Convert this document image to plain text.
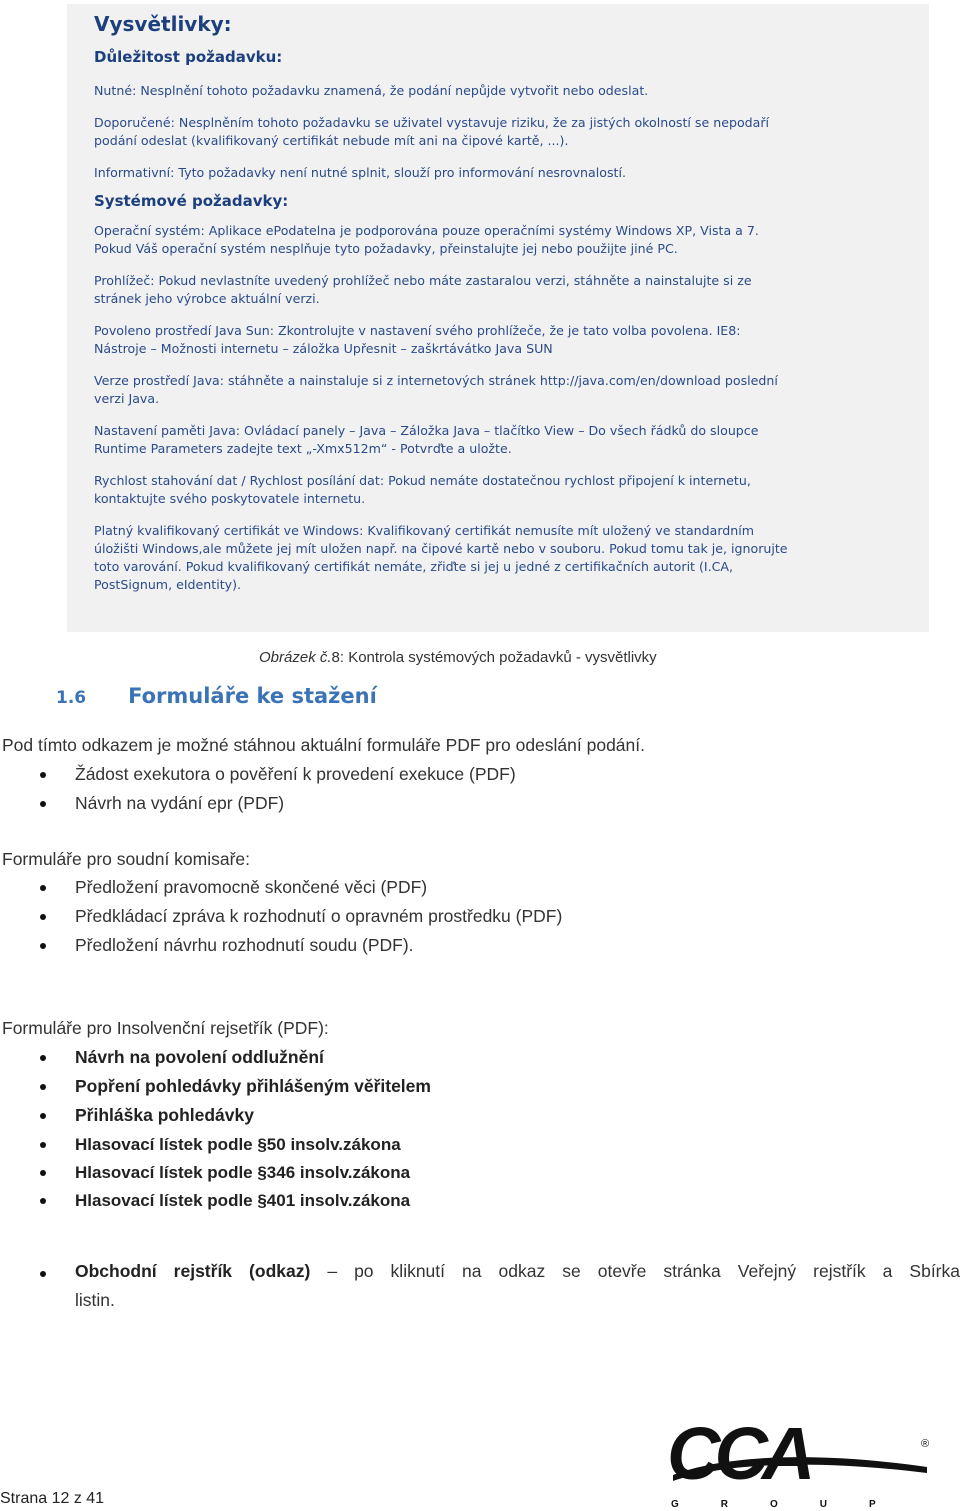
Vysvětlivky:
Důležitost požadavku:

Nutné: Nesplnění tohoto požadavku znamená, že podání nepůjde vytvořit nebo odeslat.

Doporučené: Nesplněním tohoto požadavku se uživatel vystavuje riziku, že za jistých okolností se nepodaří
podání odeslat (kvalifikovaný certifikát nebude mít ani na čipové kartě, ...).

Informativní: Tyto požadavky není nutné splnit, slouží pro informování nesrovnalostí.

Systémové požadavky:

Operační systém: Aplikace ePodatelna je podporována pouze operačními systémy Windows XP, Vista a 7.
Pokud Váš operační systém nesplňuje tyto požadavky, přeinstalujte jej nebo použijte jiné PC.

Prohlížeč: Pokud nevlastníte uvedený prohlížeč nebo máte zastaralou verzi, stáhněte a nainstalujte si ze
stránek jeho výrobce aktuální verzi.

Povoleno prostředí Java Sun: Zkontrolujte v nastavení svého prohlížeče, že je tato volba povolena. IE8:
Nástroje – Možnosti internetu – záložka Upřesnit – zaškrtávátko Java SUN

Verze prostředí Java: stáhněte a nainstaluje si z internetových stránek http://java.com/en/download poslední
verzi Java.

Nastavení paměti Java: Ovládací panely – Java – Záložka Java – tlačítko View – Do všech řádků do sloupce
Runtime Parameters zadejte text „-Xmx512m“ - Potvrďte a uložte.

Rychlost stahování dat / Rychlost posílání dat: Pokud nemáte dostatečnou rychlost připojení k internetu,
kontaktujte svého poskytovatele internetu.

Platný kvalifikovaný certifikát ve Windows: Kvalifikovaný certifikát nemusíte mít uložený ve standardním
úložišti Windows,ale můžete jej mít uložen např. na čipové kartě nebo v souboru. Pokud tomu tak je, ignorujte
toto varování. Pokud kvalifikovaný certifikát nemáte, zřiďte si jej u jedné z certifikačních autorit (I.CA,
PostSignum, eIdentity).

Obrázek č.8: Kontrola systémových požadavků - vysvětlivky
1.6 Formuláře ke stažení
Pod tímto odkazem je možné stáhnou aktuální formuláře PDF pro odeslání podání.
Žádost exekutora o pověření k provedení exekuce (PDF)
Návrh na vydání epr (PDF)
Formuláře pro soudní komisaře:
Předložení pravomocně skončené věci (PDF)
Předkládací zpráva k rozhodnutí o opravném prostředku (PDF)
Předložení návrhu rozhodnutí soudu (PDF).
Formuláře pro Insolvenční rejsetřík (PDF):
Návrh na povolení oddlužnění
Popření pohledávky přihlášeným věřitelem
Přihláška pohledávky
Hlasovací lístek podle §50 insolv.zákona
Hlasovací lístek podle §346 insolv.zákona
Hlasovací lístek podle §401 insolv.zákona
Obchodní rejstřík (odkaz) – po kliknutí na odkaz se otevře stránka Veřejný rejstřík a Sbírka
listin.
Strana 12 z 41
CCA	®
GROUP
